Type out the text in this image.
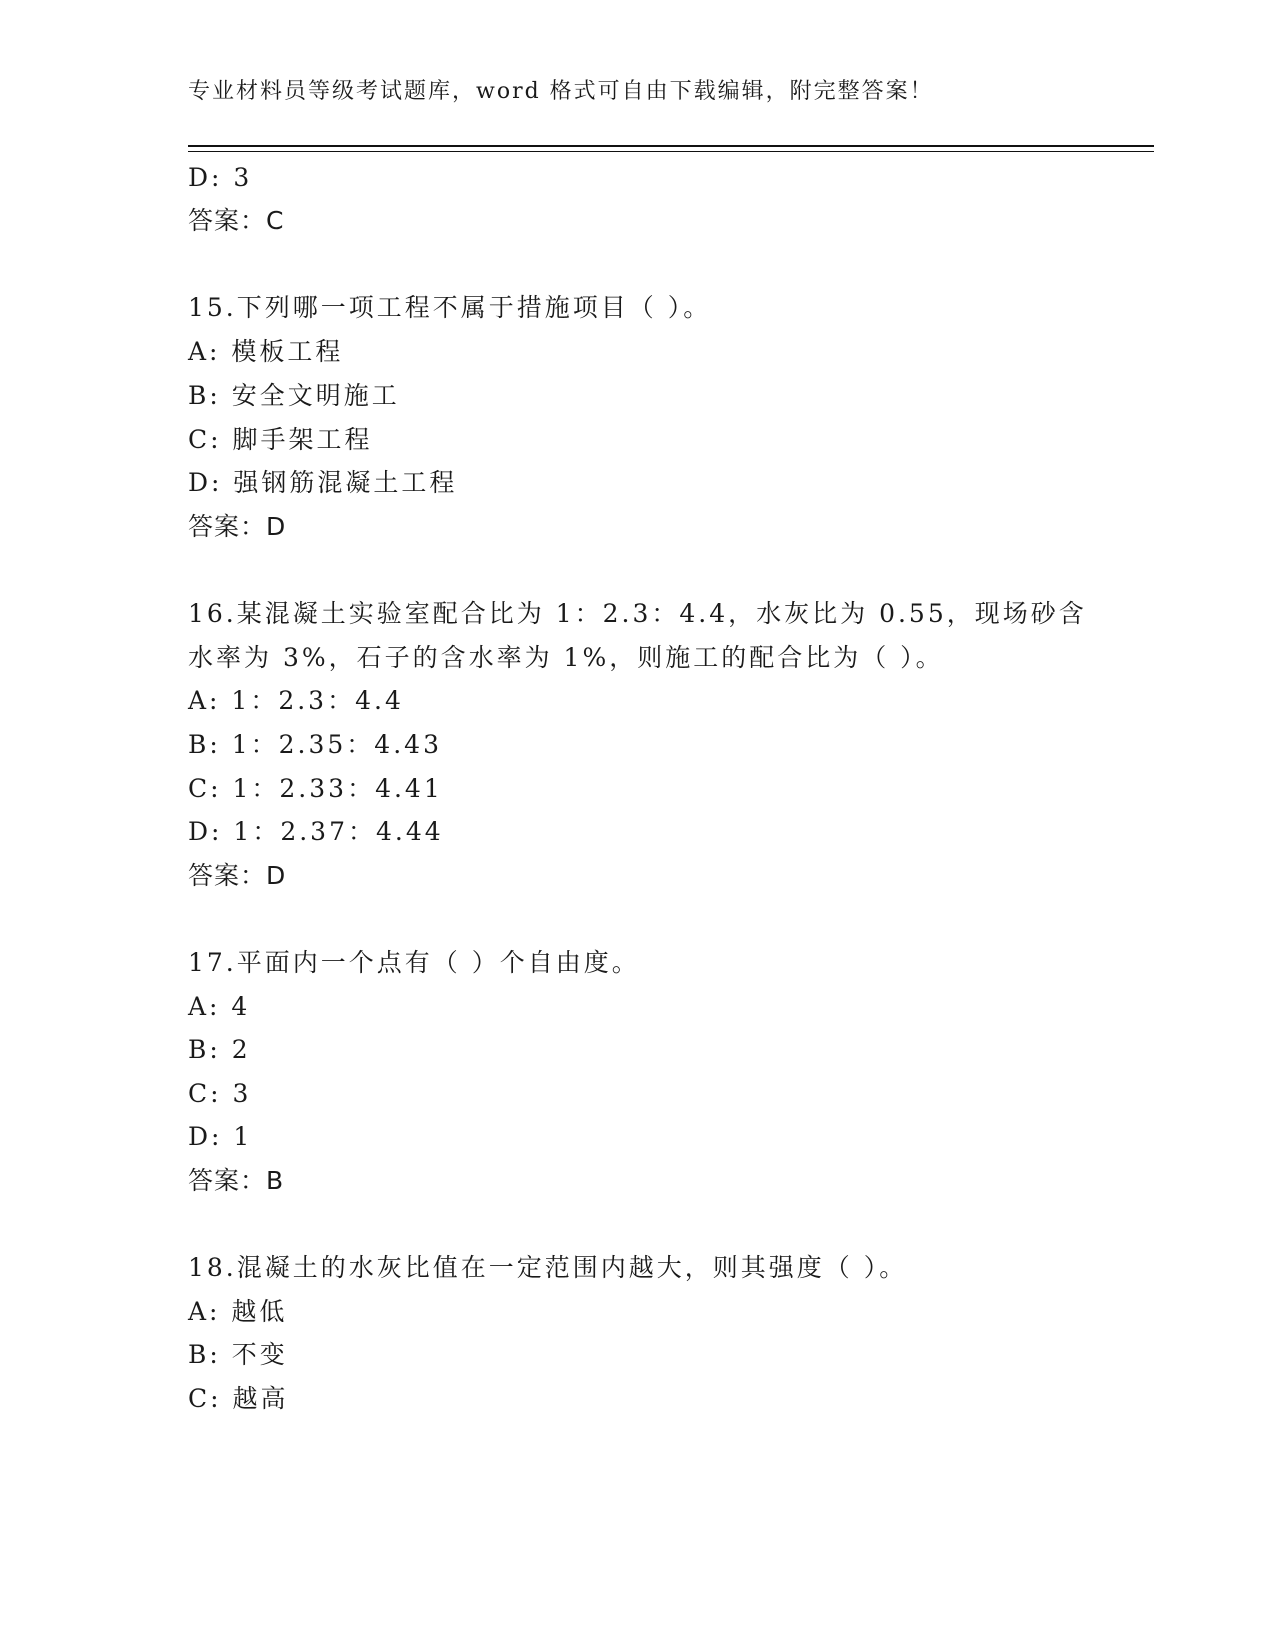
专业材料员等级考试题库，word 格式可自由下载编辑，附完整答案！
D: 3
答案：C
15.下列哪一项工程不属于措施项目（ ）。
A: 模板工程
B: 安全文明施工
C: 脚手架工程
D: 强钢筋混凝土工程
答案：D
16.某混凝土实验室配合比为 1：2.3：4.4，水灰比为 0.55，现场砂含
水率为 3%，石子的含水率为 1%，则施工的配合比为（ ）。
A: 1：2.3：4.4
B: 1：2.35：4.43
C: 1：2.33：4.41
D: 1：2.37：4.44
答案：D
17.平面内一个点有（ ）个自由度。
A: 4
B: 2
C: 3
D: 1
答案：B
18.混凝土的水灰比值在一定范围内越大，则其强度（ ）。
A: 越低
B: 不变
C: 越高
